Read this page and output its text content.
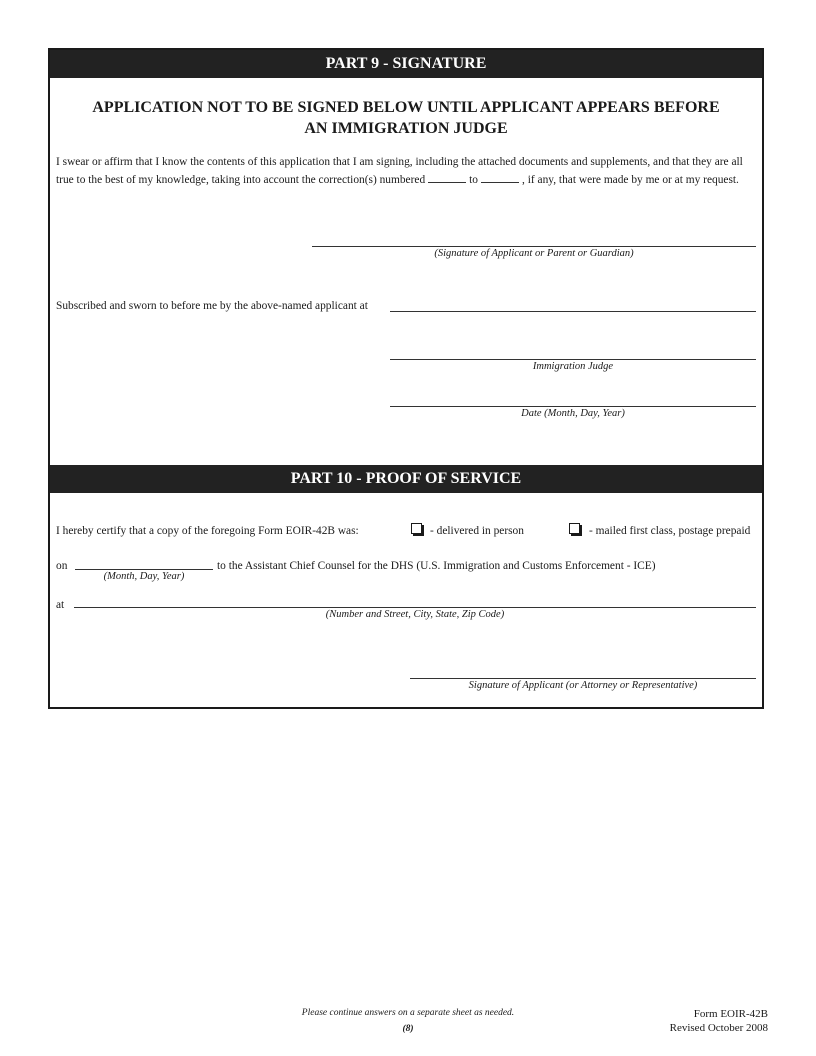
PART 9 - SIGNATURE
APPLICATION NOT TO BE SIGNED BELOW UNTIL APPLICANT APPEARS BEFORE
AN IMMIGRATION JUDGE
I swear or affirm that I know the contents of this application that I am signing, including the attached documents and supplements, and that they are all true to the best of my knowledge, taking into account the correction(s) numbered	to	, if any, that were made by me or at my request.
(Signature of Applicant or Parent or Guardian)
Subscribed and sworn to before me by the above-named applicant at
Immigration Judge
Date (Month, Day, Year)
PART 10 - PROOF OF SERVICE
I hereby certify that a copy of the foregoing Form EOIR-42B was:	- delivered in person	- mailed first class, postage prepaid
on
(Month, Day, Year)
to the Assistant Chief Counsel for the DHS (U.S. Immigration and Customs Enforcement - ICE)
at
(Number and Street, City, State, Zip Code)
Signature of Applicant (or Attorney or Representative)
Please continue answers on a separate sheet as needed.
(8)
Form EOIR-42B
Revised October 2008
